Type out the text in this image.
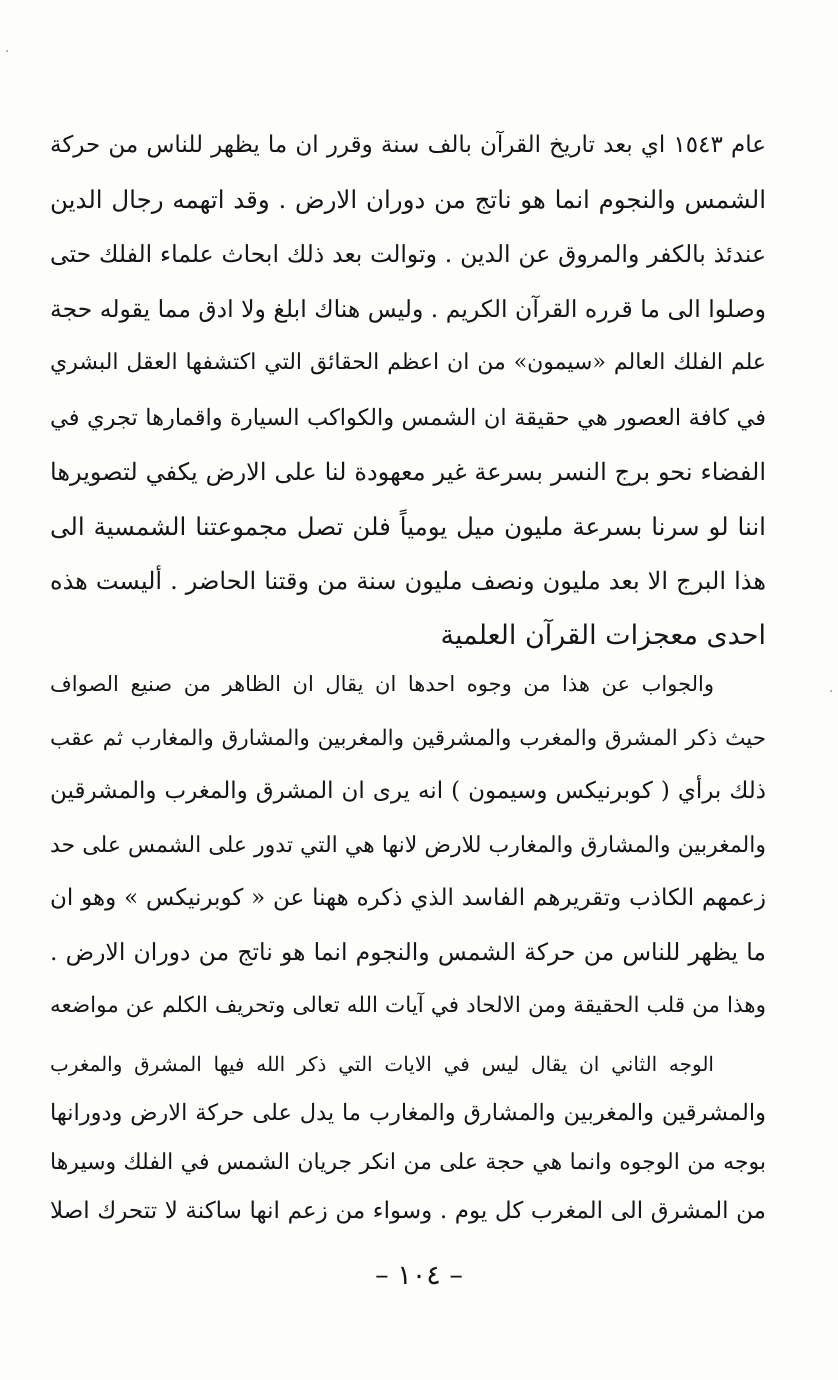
عام ١٥٤٣ اي بعد تاريخ القرآن بالف سنة وقرر ان ما يظهر للناس من حركة
الشمس والنجوم انما هو ناتج من دوران الارض . وقد اتهمه رجال الدين
عندئذ بالكفر والمروق عن الدين . وتوالت بعد ذلك ابحاث علماء الفلك حتى
وصلوا الى ما قرره القرآن الكريم . وليس هناك ابلغ ولا ادق مما يقوله حجة
علم الفلك العالم «سيمون» من ان اعظم الحقائق التي اكتشفها العقل البشري
في كافة العصور هي حقيقة ان الشمس والكواكب السيارة واقمارها تجري في
الفضاء نحو برج النسر بسرعة غير معهودة لنا على الارض يكفي لتصويرها
اننا لو سرنا بسرعة مليون ميل يومياً فلن تصل مجموعتنا الشمسية الى
هذا البرج الا بعد مليون ونصف مليون سنة من وقتنا الحاضر . أليست هذه
احدى معجزات القرآن العلمية
والجواب عن هذا من وجوه احدها ان يقال ان الظاهر من صنيع الصواف
حيث ذكر المشرق والمغرب والمشرقين والمغربين والمشارق والمغارب ثم عقب
ذلك برأي ( كوبرنيكس وسيمون ) انه يرى ان المشرق والمغرب والمشرقين
والمغربين والمشارق والمغارب للارض لانها هي التي تدور على الشمس على حد
زعمهم الكاذب وتقريرهم الفاسد الذي ذكره ههنا عن « كوبرنيكس » وهو ان
ما يظهر للناس من حركة الشمس والنجوم انما هو ناتج من دوران الارض .
وهذا من قلب الحقيقة ومن الالحاد في آيات الله تعالى وتحريف الكلم عن مواضعه
الوجه الثاني ان يقال ليس في الايات التي ذكر الله فيها المشرق والمغرب
والمشرقين والمغربين والمشارق والمغارب ما يدل على حركة الارض ودورانها
بوجه من الوجوه وانما هي حجة على من انكر جريان الشمس في الفلك وسيرها
من المشرق الى المغرب كل يوم . وسواء من زعم انها ساكنة لا تتحرك اصلا
– ١٠٤ –
